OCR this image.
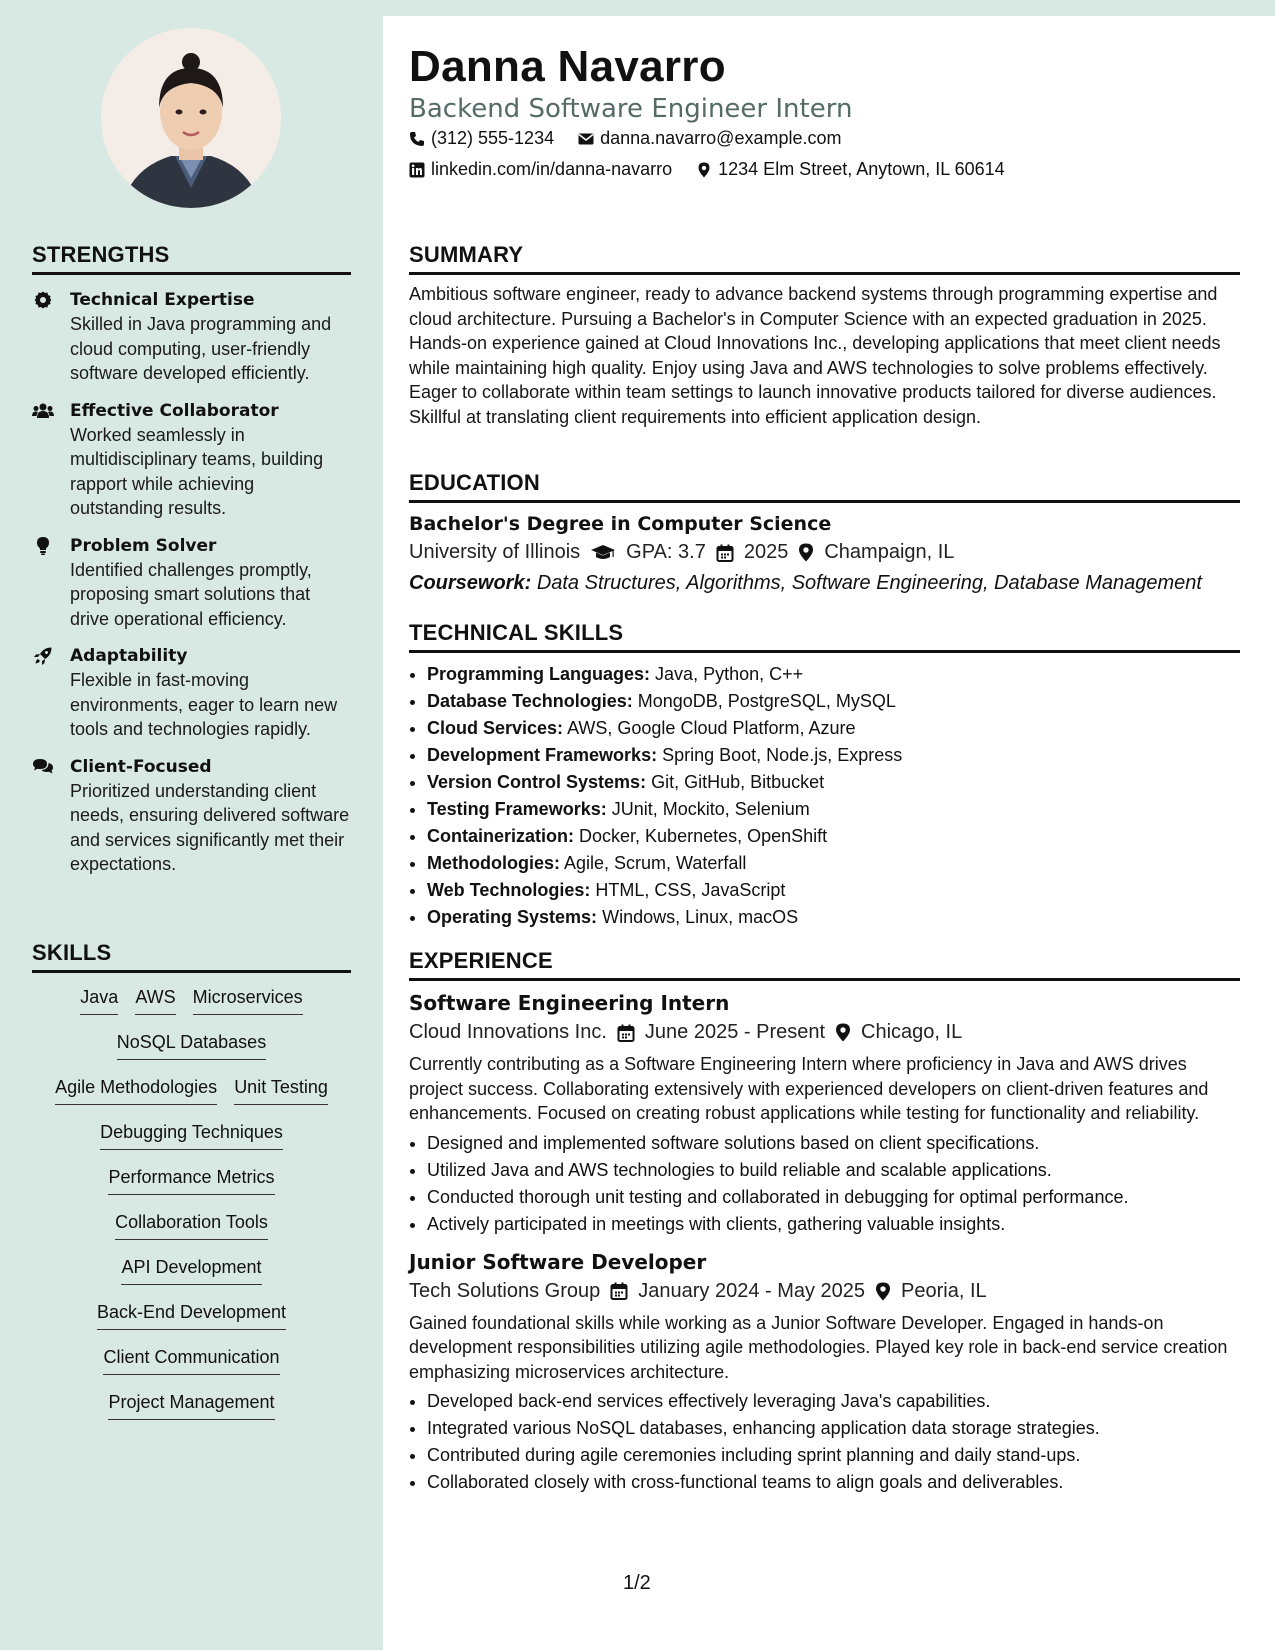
Danna Navarro
Backend Software Engineer Intern
(312) 555-1234	danna.navarro@example.com
linkedin.com/in/danna-navarro	1234 Elm Street, Anytown, IL 60614
STRENGTHS
Technical Expertise
Skilled in Java programming and cloud computing, user-friendly software developed efficiently.
Effective Collaborator
Worked seamlessly in multidisciplinary teams, building rapport while achieving outstanding results.
Problem Solver
Identified challenges promptly, proposing smart solutions that drive operational efficiency.
Adaptability
Flexible in fast-moving environments, eager to learn new tools and technologies rapidly.
Client-Focused
Prioritized understanding client needs, ensuring delivered software and services significantly met their expectations.
SKILLS
Java AWS Microservices
NoSQL Databases
Agile Methodologies Unit Testing
Debugging Techniques
Performance Metrics
Collaboration Tools
API Development
Back-End Development
Client Communication
Project Management
SUMMARY

Ambitious software engineer, ready to advance backend systems through programming expertise and cloud architecture. Pursuing a Bachelor's in Computer Science with an expected graduation in 2025. Hands-on experience gained at Cloud Innovations Inc., developing applications that meet client needs while maintaining high quality. Enjoy using Java and AWS technologies to solve problems effectively. Eager to collaborate within team settings to launch innovative products tailored for diverse audiences. Skillful at translating client requirements into efficient application design.

EDUCATION
Bachelor's Degree in Computer Science
University of Illinois GPA: 3.7 2025 Champaign, IL
Coursework: Data Structures, Algorithms, Software Engineering, Database Management
TECHNICAL SKILLS
• Programming Languages: Java, Python, C++
• Database Technologies: MongoDB, PostgreSQL, MySQL
• Cloud Services: AWS, Google Cloud Platform, Azure
• Development Frameworks: Spring Boot, Node.js, Express
• Version Control Systems: Git, GitHub, Bitbucket
• Testing Frameworks: JUnit, Mockito, Selenium
• Containerization: Docker, Kubernetes, OpenShift
• Methodologies: Agile, Scrum, Waterfall
• Web Technologies: HTML, CSS, JavaScript
• Operating Systems: Windows, Linux, macOS
EXPERIENCE
Software Engineering Intern
Cloud Innovations Inc. June 2025 - Present Chicago, IL

Currently contributing as a Software Engineering Intern where proficiency in Java and AWS drives project success. Collaborating extensively with experienced developers on client-driven features and enhancements. Focused on creating robust applications while testing for functionality and reliability.

• Designed and implemented software solutions based on client specifications.
• Utilized Java and AWS technologies to build reliable and scalable applications.
• Conducted thorough unit testing and collaborated in debugging for optimal performance.
• Actively participated in meetings with clients, gathering valuable insights.
Junior Software Developer
Tech Solutions Group January 2024 - May 2025 Peoria, IL

Gained foundational skills while working as a Junior Software Developer. Engaged in hands-on development responsibilities utilizing agile methodologies. Played key role in back-end service creation emphasizing microservices architecture.

• Developed back-end services effectively leveraging Java's capabilities.
• Integrated various NoSQL databases, enhancing application data storage strategies.
• Contributed during agile ceremonies including sprint planning and daily stand-ups.
• Collaborated closely with cross-functional teams to align goals and deliverables.
1/2
